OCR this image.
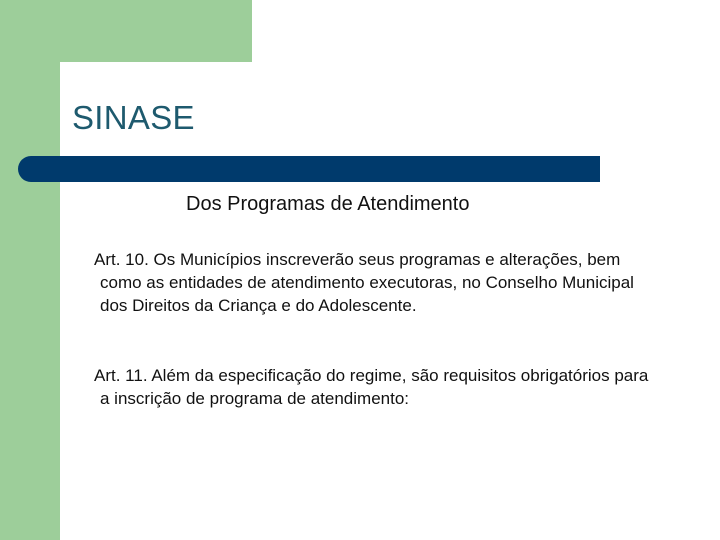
SINASE
Dos Programas de Atendimento

Art. 10. Os Municípios inscreverão seus programas e alterações, bem como as entidades de atendimento executoras, no Conselho Municipal dos Direitos da Criança e do Adolescente.

Art. 11. Além da especificação do regime, são requisitos obrigatórios para a inscrição de programa de atendimento:
